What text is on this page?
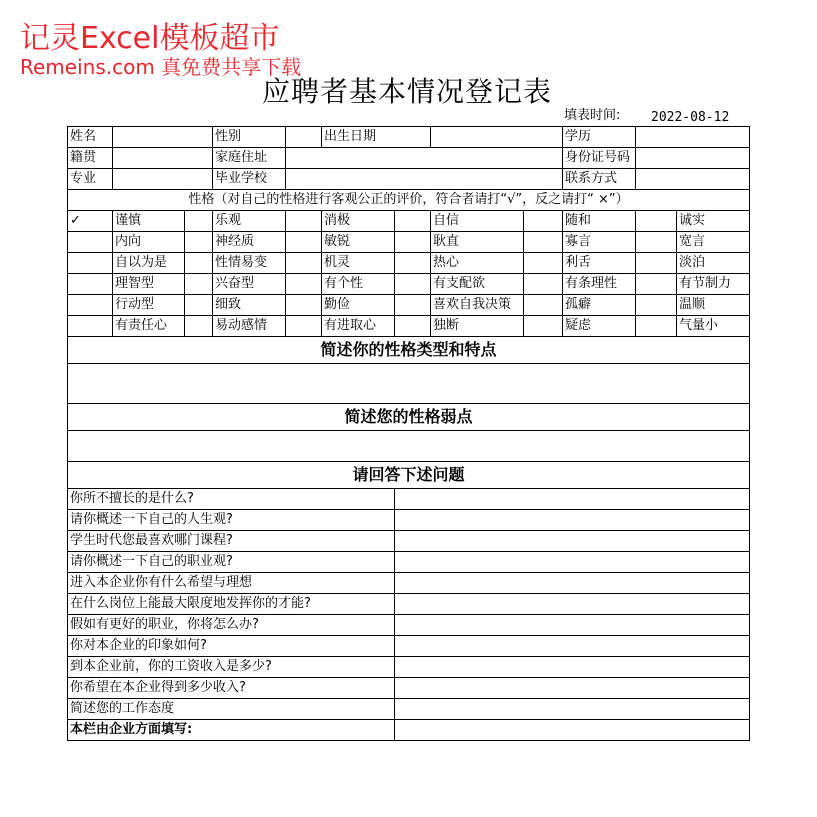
记灵Excel模板超市
Remeins.com 真免费共享下载
应聘者基本情况登记表
填表时间: 2022-08-12
姓名			性别		出生日期				学历		
籍贯			家庭住址						身份证号码		
专业			毕业学校						联系方式		
性格（对自己的性格进行客观公正的评价，符合者请打“√”，反之请打“ ×”）											
✓	谨慎		乐观		消极		自信		随和		诚实
	内向		神经质		敏锐		耿直		寡言		宽言
	自以为是		性情易变		机灵		热心		利舌		淡泊
	理智型		兴奋型		有个性		有支配欲		有条理性		有节制力
	行动型		细致		勤俭		喜欢自我决策		孤癖		温顺
	有责任心		易动感情		有进取心		独断		疑虑		气量小
简述你的性格类型和特点											

简述您的性格弱点											

请回答下述问题											
你所不擅长的是什么?											
请你概述一下自己的人生观?											
学生时代您最喜欢哪门课程?											
请你概述一下自己的职业观?											
进入本企业你有什么希望与理想											
在什么岗位上能最大限度地发挥你的才能?											
假如有更好的职业，你将怎么办?											
你对本企业的印象如何?											
到本企业前，你的工资收入是多少?											
你希望在本企业得到多少收入?											
简述您的工作态度											
本栏由企业方面填写:											
